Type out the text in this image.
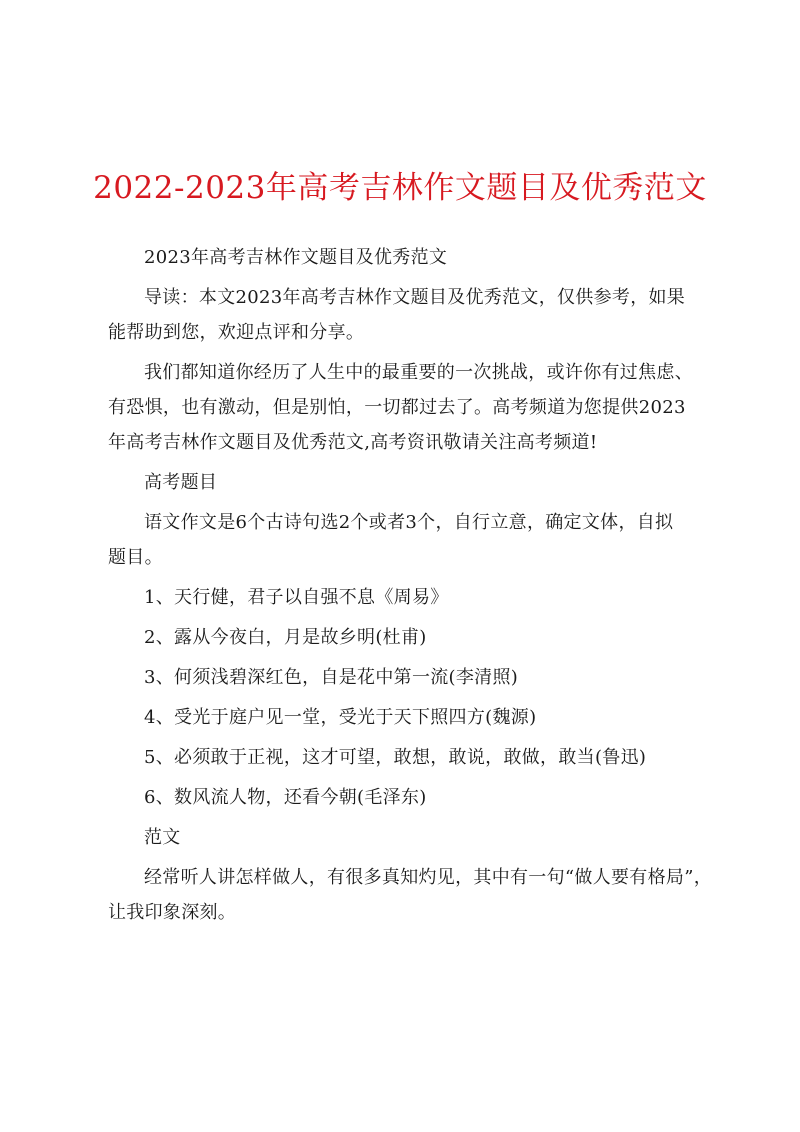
2022-2023年高考吉林作文题目及优秀范文

2023年高考吉林作文题目及优秀范文

导读：本文2023年高考吉林作文题目及优秀范文，仅供参考，如果
能帮助到您，欢迎点评和分享。

我们都知道你经历了人生中的最重要的一次挑战，或许你有过焦虑、
有恐惧，也有激动，但是别怕，一切都过去了。高考频道为您提供2023
年高考吉林作文题目及优秀范文,高考资讯敬请关注高考频道!

高考题目

语文作文是6个古诗句选2个或者3个，自行立意，确定文体，自拟
题目。

1、天行健，君子以自强不息《周易》

2、露从今夜白，月是故乡明(杜甫)

3、何须浅碧深红色，自是花中第一流(李清照)

4、受光于庭户见一堂，受光于天下照四方(魏源)

5、必须敢于正视，这才可望，敢想，敢说，敢做，敢当(鲁迅)

6、数风流人物，还看今朝(毛泽东)

范文

经常听人讲怎样做人，有很多真知灼见，其中有一句“做人要有格局”，
让我印象深刻。
